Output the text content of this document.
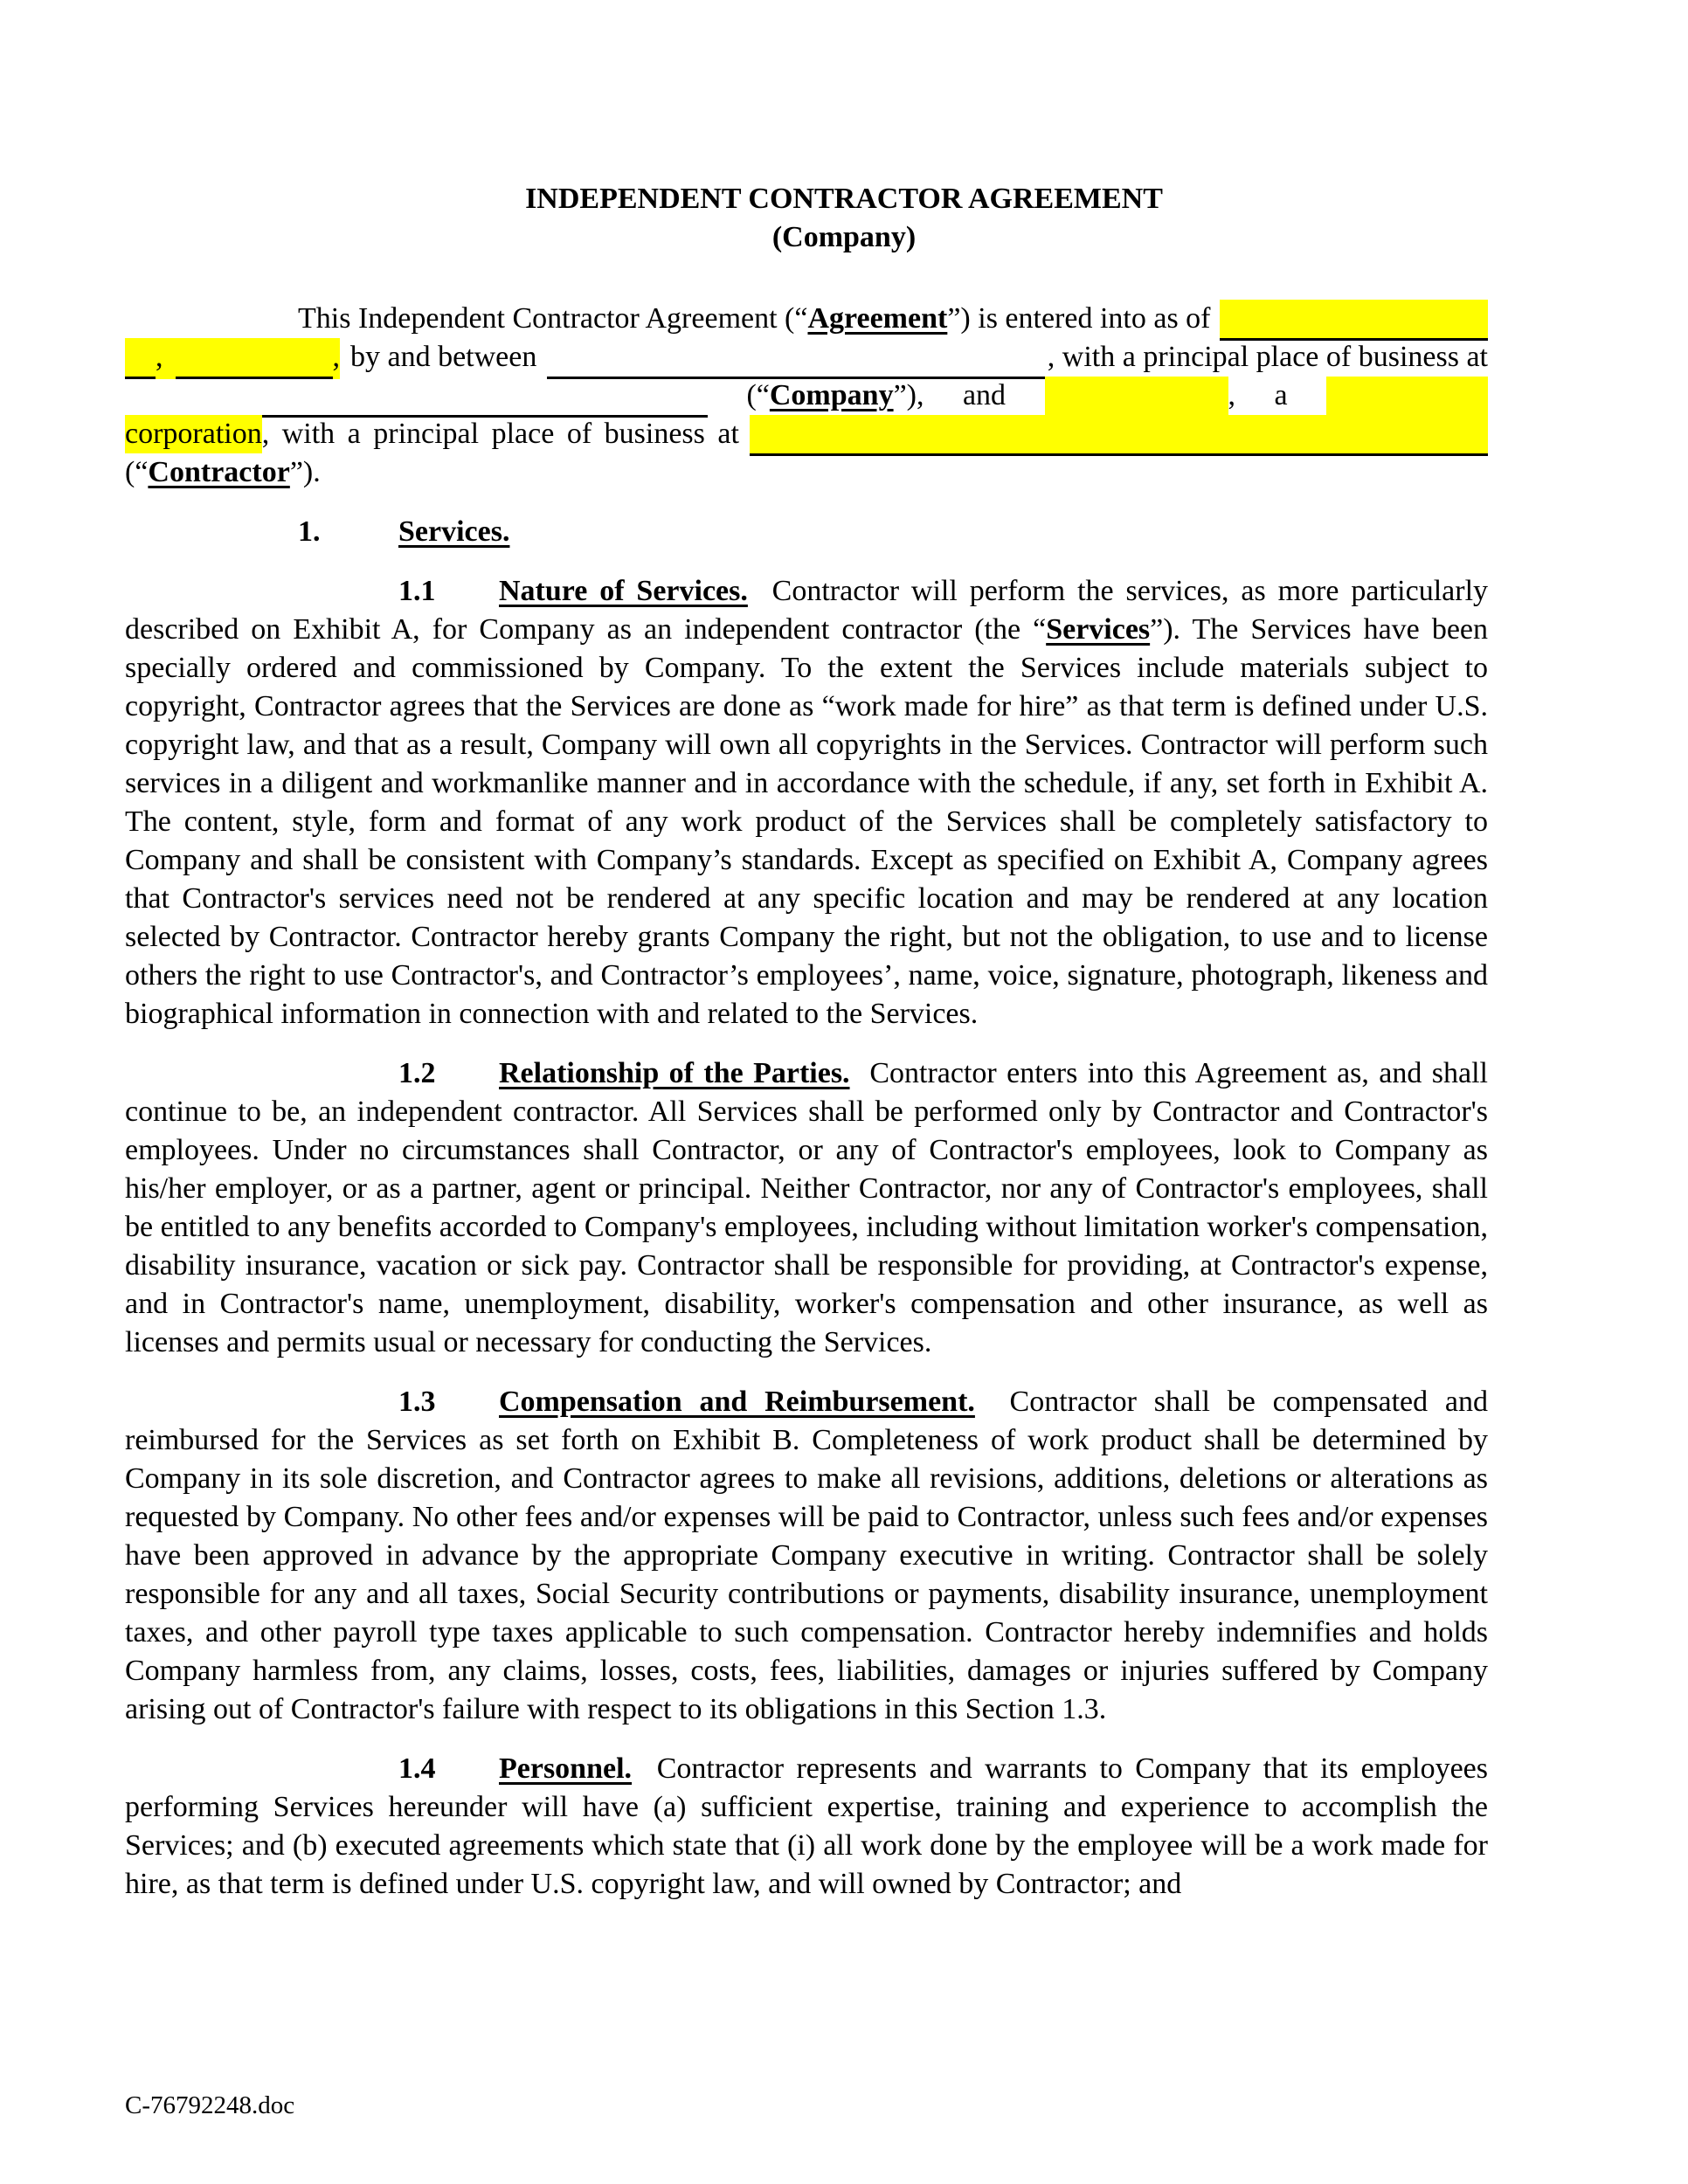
INDEPENDENT CONTRACTOR AGREEMENT
(Company)
This Independent Contractor Agreement (“ Agreement ”) is entered into as of

,
	, by and between
	, with a principal place of business at

(“ Company ”), and
	, a

corporation , with a principal place of business at

(“ Contractor ”).

1.	Services.

1.1 Nature of Services. Contractor will perform the services, as more particularly described on Exhibit A, for Company as an independent contractor (the “Services”). The Services have been specially ordered and commissioned by Company. To the extent the Services include materials subject to copyright, Contractor agrees that the Services are done as “work made for hire” as that term is defined under U.S. copyright law, and that as a result, Company will own all copyrights in the Services. Contractor will perform such services in a diligent and workmanlike manner and in accordance with the schedule, if any, set forth in Exhibit A. The content, style, form and format of any work product of the Services shall be completely satisfactory to Company and shall be consistent with Company’s standards. Except as specified on Exhibit A, Company agrees that Contractor's services need not be rendered at any specific location and may be rendered at any location selected by Contractor. Contractor hereby grants Company the right, but not the obligation, to use and to license others the right to use Contractor's, and Contractor’s employees’, name, voice, signature, photograph, likeness and biographical information in connection with and related to the Services.

1.2 Relationship of the Parties. Contractor enters into this Agreement as, and shall continue to be, an independent contractor. All Services shall be performed only by Contractor and Contractor's employees. Under no circumstances shall Contractor, or any of Contractor's employees, look to Company as his/her employer, or as a partner, agent or principal. Neither Contractor, nor any of Contractor's employees, shall be entitled to any benefits accorded to Company's employees, including without limitation worker's compensation, disability insurance, vacation or sick pay. Contractor shall be responsible for providing, at Contractor's expense, and in Contractor's name, unemployment, disability, worker's compensation and other insurance, as well as licenses and permits usual or necessary for conducting the Services.

1.3 Compensation and Reimbursement. Contractor shall be compensated and reimbursed for the Services as set forth on Exhibit B. Completeness of work product shall be determined by Company in its sole discretion, and Contractor agrees to make all revisions, additions, deletions or alterations as requested by Company. No other fees and/or expenses will be paid to Contractor, unless such fees and/or expenses have been approved in advance by the appropriate Company executive in writing. Contractor shall be solely responsible for any and all taxes, Social Security contributions or payments, disability insurance, unemployment taxes, and other payroll type taxes applicable to such compensation. Contractor hereby indemnifies and holds Company harmless from, any claims, losses, costs, fees, liabilities, damages or injuries suffered by Company arising out of Contractor's failure with respect to its obligations in this Section 1.3.

1.4 Personnel. Contractor represents and warrants to Company that its employees performing Services hereunder will have (a) sufficient expertise, training and experience to accomplish the Services; and (b) executed agreements which state that (i) all work done by the employee will be a work made for hire, as that term is defined under U.S. copyright law, and will owned by Contractor; and

C-76792248.doc
